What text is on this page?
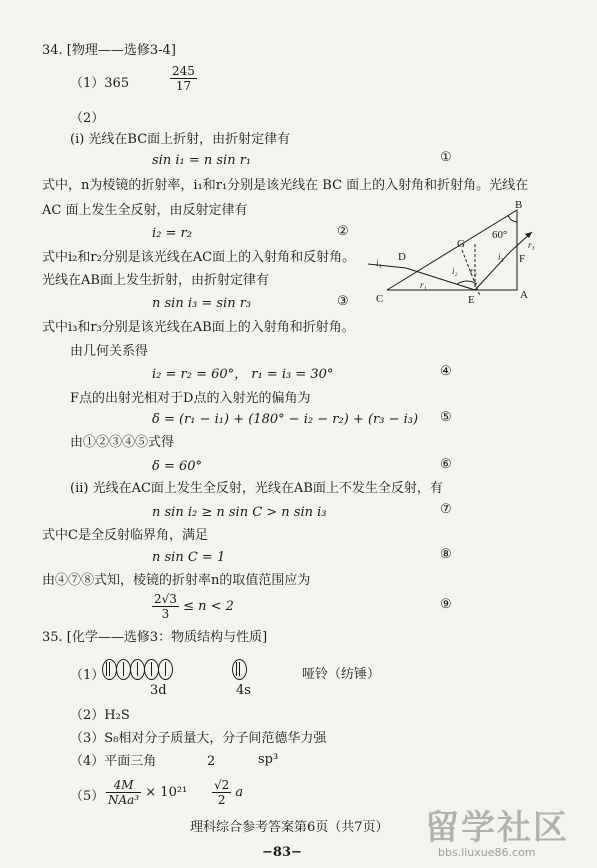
34. [物理——选修3-4]
（1）365	$\frac{245}{17}$
（2）
(i) 光线在BC面上折射，由折射定律有
sin i₁ = n sin r₁	①
式中，n为棱镜的折射率，i₁和r₁分别是该光线在 BC 面上的入射角和折射角。光线在
AC 面上发生全反射，由反射定律有
i₂ = r₂	②
式中i₂和r₂分别是该光线在AC面上的入射角和反射角。
光线在AB面上发生折射，由折射定律有
n sin i₃ = sin r₃	③
式中i₃和r₃分别是该光线在AB面上的入射角和折射角。
由几何关系得
i₂ = r₂ = 60°， r₁ = i₃ = 30°	④
F点的出射光相对于D点的入射光的偏角为
δ = (r₁ − i₁) + (180° − i₂ − r₂) + (r₃ − i₃) ⑤
由①②③④⑤式得
δ = 60°	⑥
(ii) 光线在AC面上发生全反射，光线在AB面上不发生全反射，有
n sin i₂ ≥ n sin C > n sin i₃	⑦
式中C是全反射临界角，满足
n sin C = 1	⑧
由④⑦⑧式知，棱镜的折射率n的取值范围应为
$\frac{2√3}{3} \le n < 2$	⑨
B
60°
G
D	F
C	E	A
i₂ r₂
i₁
r₃
i₃
r₁
35. [化学——选修3：物质结构与性质]
（1）
3d	4s
哑铃（纺锤）
（2）H₂S
（3）S₈相对分子质量大，分子间范德华力强
（4）平面三角	2	sp³
$(5) \frac{4M}{\text{NAa³}} \times 10^{21} \frac{√2}{2}$ a
理科综合参考答案第6页（共7页）
−83−
留学社区
bbs.liuxue86.com
